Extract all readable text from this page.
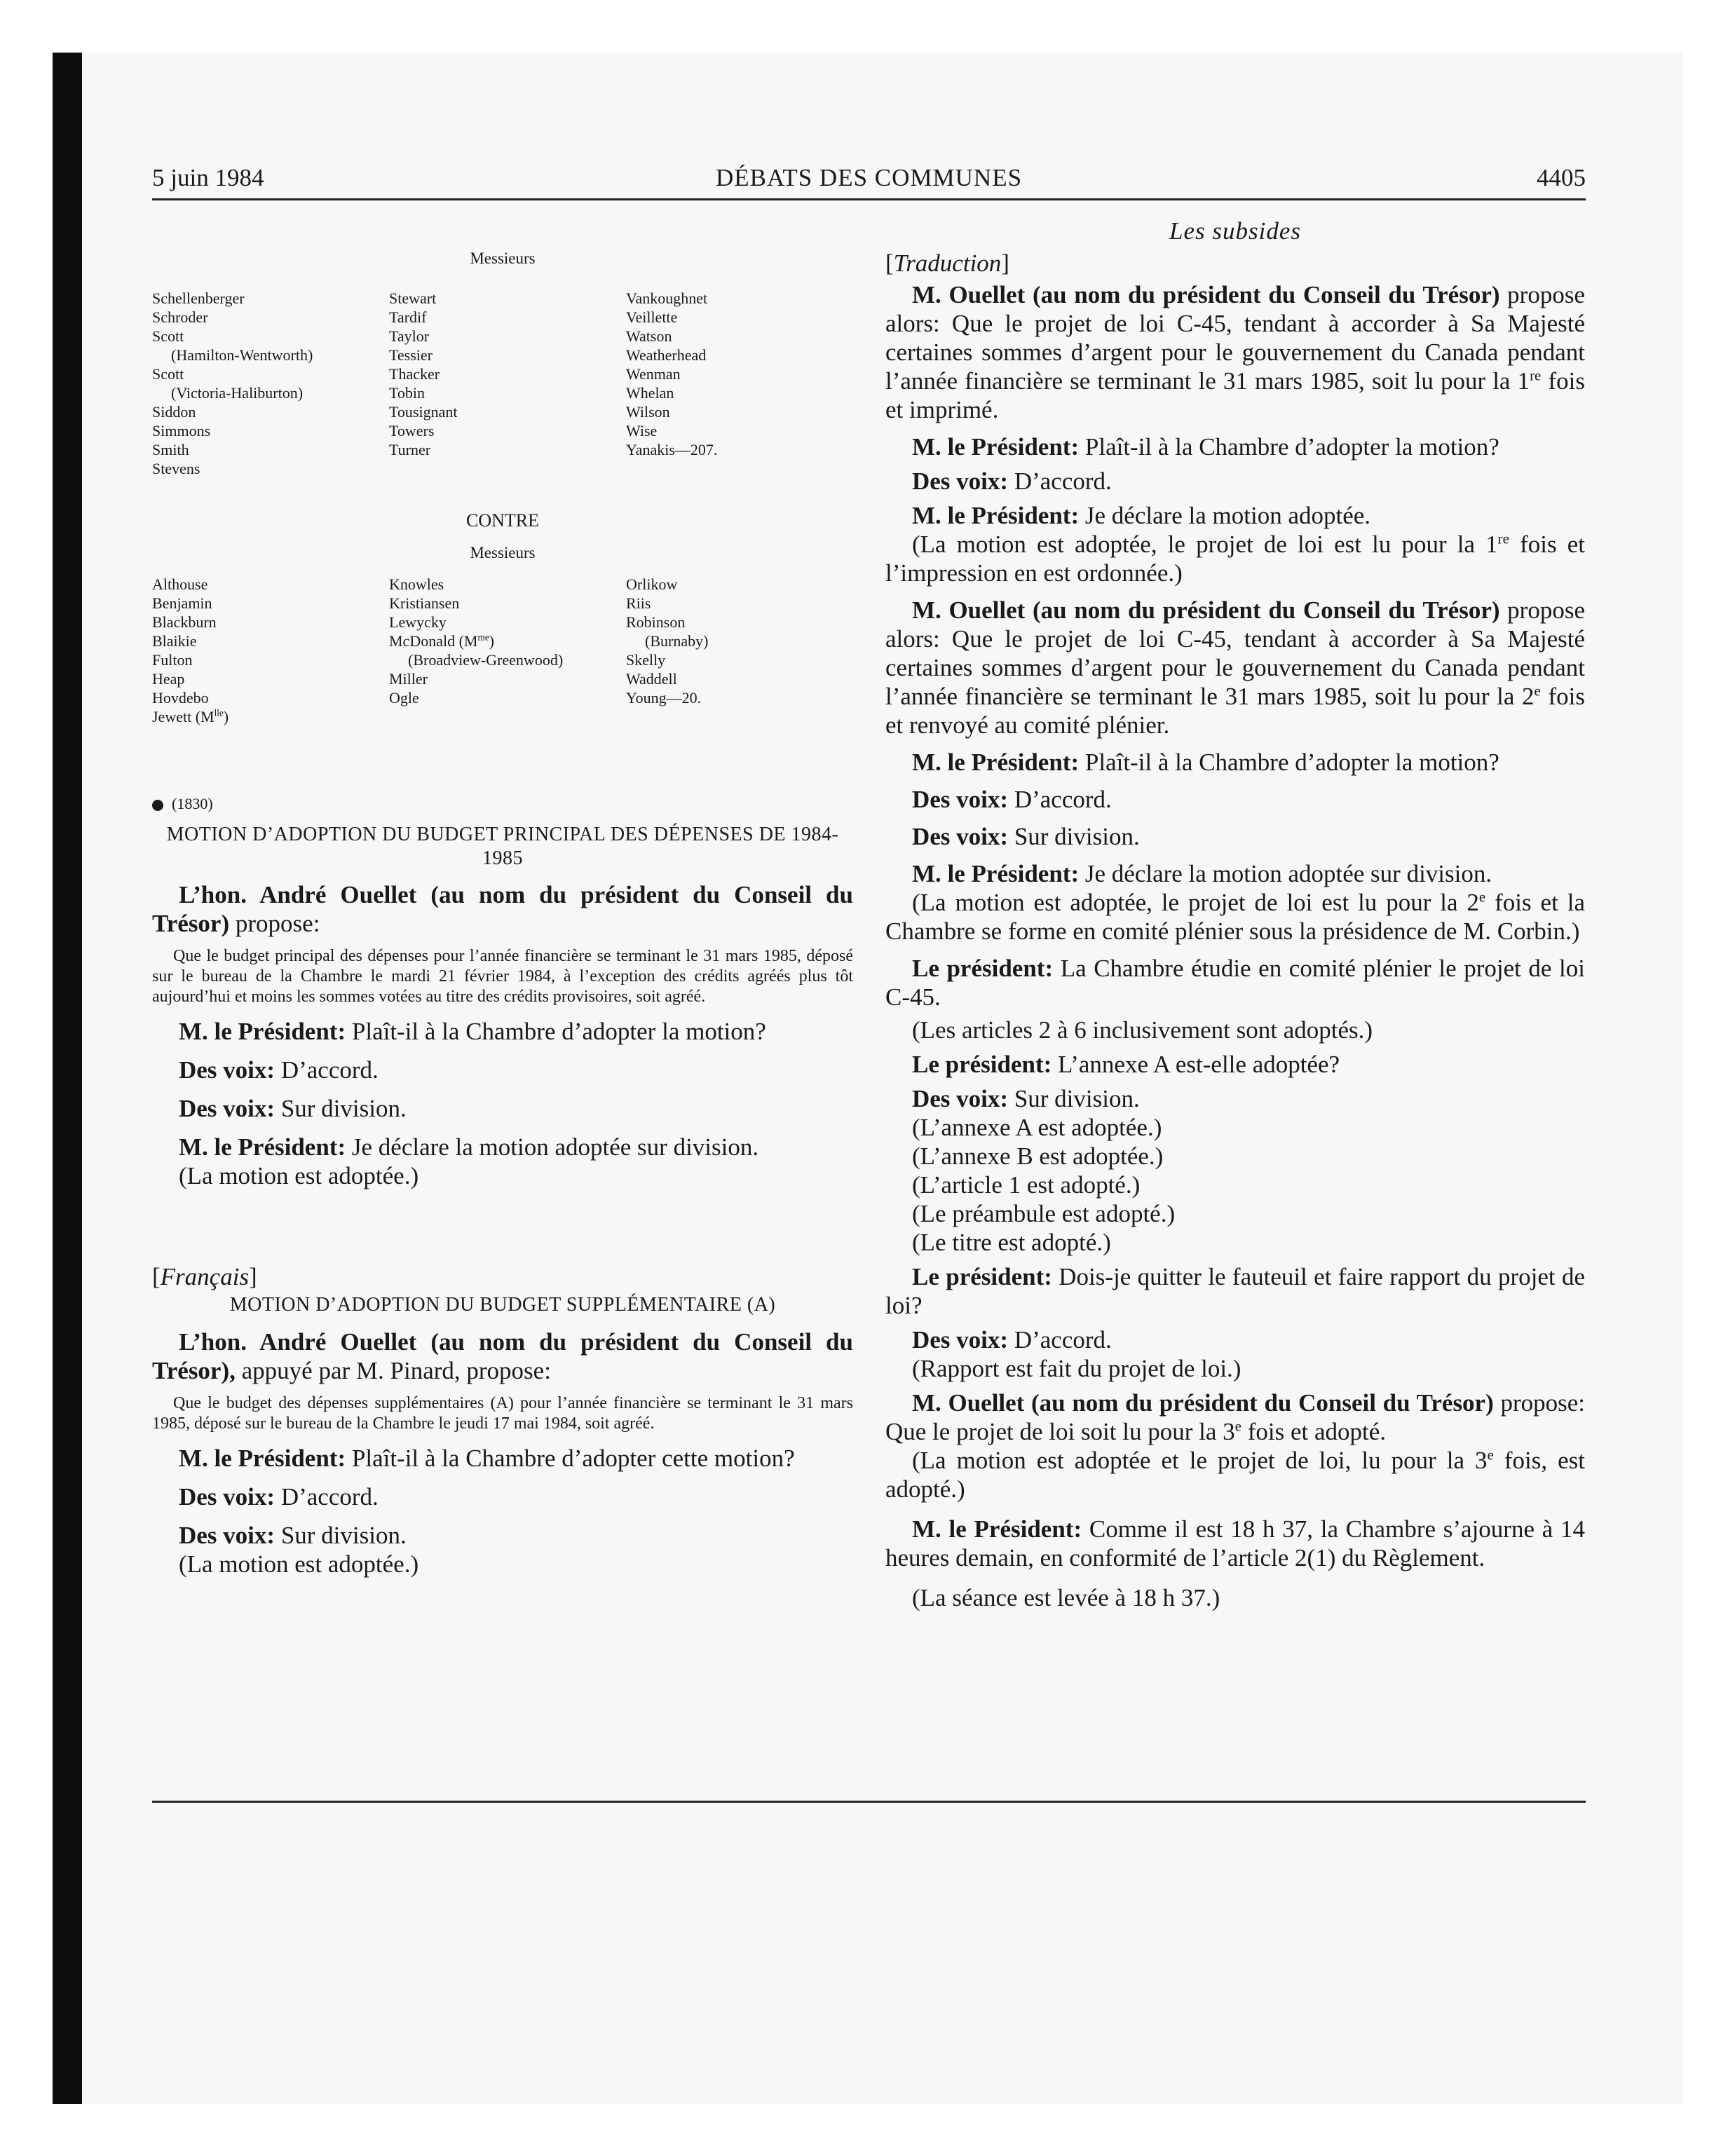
5 juin 1984	DÉBATS DES COMMUNES	4405
Messieurs
Schellenberger
Schroder
Scott
(Hamilton-Wentworth)
Scott
(Victoria-Haliburton)
Siddon
Simmons
Smith
Stevens
Stewart
Tardif
Taylor
Tessier
Thacker
Tobin
Tousignant
Towers
Turner
Vankoughnet
Veillette
Watson
Weatherhead
Wenman
Whelan
Wilson
Wise
Yanakis—207.
CONTRE
Messieurs
Althouse
Benjamin
Blackburn
Blaikie
Fulton
Heap
Hovdebo
Jewett $(M^{lle})$
Knowles
Kristiansen
Lewycky
McDonald $(M^{me})$
(Broadview-Greenwood)
Miller
Ogle
Orlikow
Riis
Robinson
(Burnaby)
Skelly
Waddell
Young—20.
(1830)
MOTION D’ADOPTION DU BUDGET PRINCIPAL DES DÉPENSES DE 1984-1985
L’hon. André Ouellet (au nom du président du Conseil du Trésor) propose:
Que le budget principal des dépenses pour l’année financière se terminant le 31 mars 1985, déposé sur le bureau de la Chambre le mardi 21 février 1984, à l’exception des crédits agréés plus tôt aujourd’hui et moins les sommes votées au titre des crédits provisoires, soit agréé.
M. le Président: Plaît-il à la Chambre d’adopter la motion?
Des voix: D’accord.
Des voix: Sur division.
M. le Président: Je déclare la motion adoptée sur division.
(La motion est adoptée.)
[Français]
MOTION D’ADOPTION DU BUDGET SUPPLÉMENTAIRE (A)
L’hon. André Ouellet (au nom du président du Conseil du Trésor), appuyé par M. Pinard, propose:
Que le budget des dépenses supplémentaires (A) pour l’année financière se terminant le 31 mars 1985, déposé sur le bureau de la Chambre le jeudi 17 mai 1984, soit agréé.
M. le Président: Plaît-il à la Chambre d’adopter cette motion?
Des voix: D’accord.
Des voix: Sur division.
(La motion est adoptée.)
Les subsides
[Traduction]
M. Ouellet (au nom du président du Conseil du Trésor) propose alors: Que le projet de loi C-45, tendant à accorder à Sa Majesté certaines sommes d’argent pour le gouvernement du Canada pendant l’année financière se terminant le 31 mars 1985, soit lu pour la 1re fois et imprimé.
M. le Président: Plaît-il à la Chambre d’adopter la motion?
Des voix: D’accord.
M. le Président: Je déclare la motion adoptée.
(La motion est adoptée, le projet de loi est lu pour la 1re fois et l’impression en est ordonnée.)
M. Ouellet (au nom du président du Conseil du Trésor) propose alors: Que le projet de loi C-45, tendant à accorder à Sa Majesté certaines sommes d’argent pour le gouvernement du Canada pendant l’année financière se terminant le 31 mars 1985, soit lu pour la 2e fois et renvoyé au comité plénier.
M. le Président: Plaît-il à la Chambre d’adopter la motion?
Des voix: D’accord.
Des voix: Sur division.
M. le Président: Je déclare la motion adoptée sur division.
(La motion est adoptée, le projet de loi est lu pour la 2e fois et la Chambre se forme en comité plénier sous la présidence de M. Corbin.)
Le président: La Chambre étudie en comité plénier le projet de loi C-45.
(Les articles 2 à 6 inclusivement sont adoptés.)
Le président: L’annexe A est-elle adoptée?
Des voix: Sur division.
(L’annexe A est adoptée.)
(L’annexe B est adoptée.)
(L’article 1 est adopté.)
(Le préambule est adopté.)
(Le titre est adopté.)
Le président: Dois-je quitter le fauteuil et faire rapport du projet de loi?
Des voix: D’accord.
(Rapport est fait du projet de loi.)
M. Ouellet (au nom du président du Conseil du Trésor) propose: Que le projet de loi soit lu pour la 3e fois et adopté.
(La motion est adoptée et le projet de loi, lu pour la 3e fois, est adopté.)
M. le Président: Comme il est 18 h 37, la Chambre s’ajourne à 14 heures demain, en conformité de l’article 2(1) du Règlement.
(La séance est levée à 18 h 37.)
